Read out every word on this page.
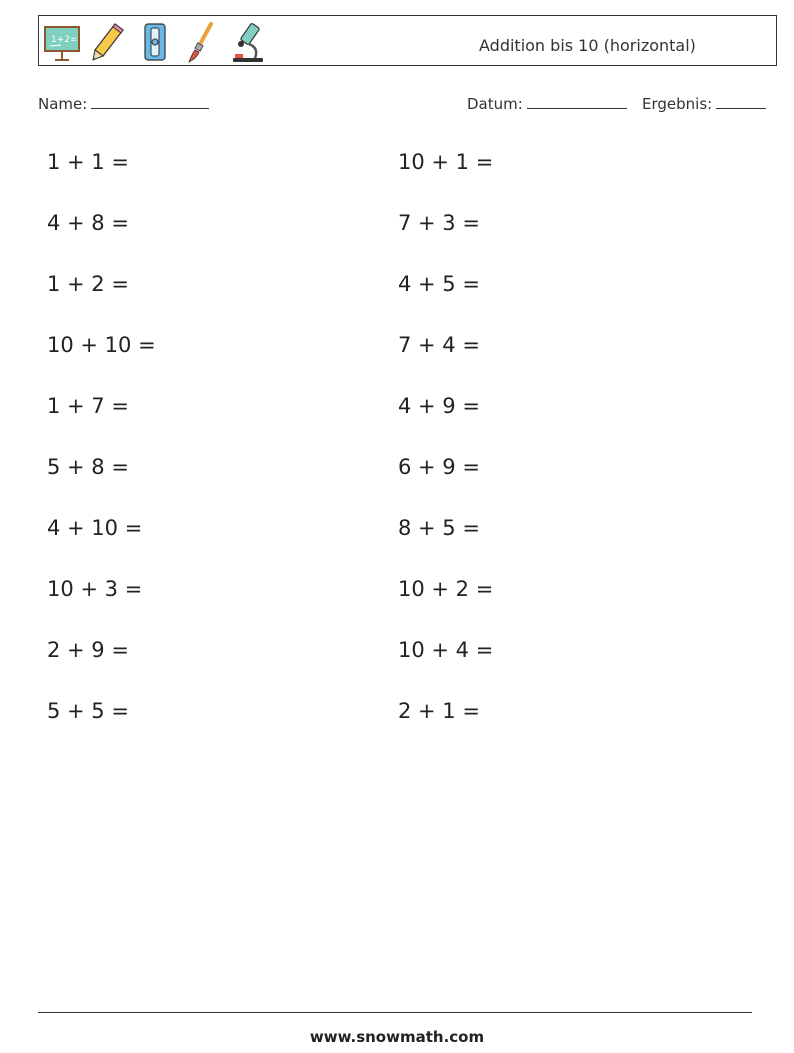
1+2=	Addition bis 10 (horizontal)
Name:	Datum:	Ergebnis:
1 + 1 =
4 + 8 =
1 + 2 =
10 + 10 =
1 + 7 =
5 + 8 =
4 + 10 =
10 + 3 =
2 + 9 =
5 + 5 =
10 + 1 =
7 + 3 =
4 + 5 =
7 + 4 =
4 + 9 =
6 + 9 =
8 + 5 =
10 + 2 =
10 + 4 =
2 + 1 =
www.snowmath.com
